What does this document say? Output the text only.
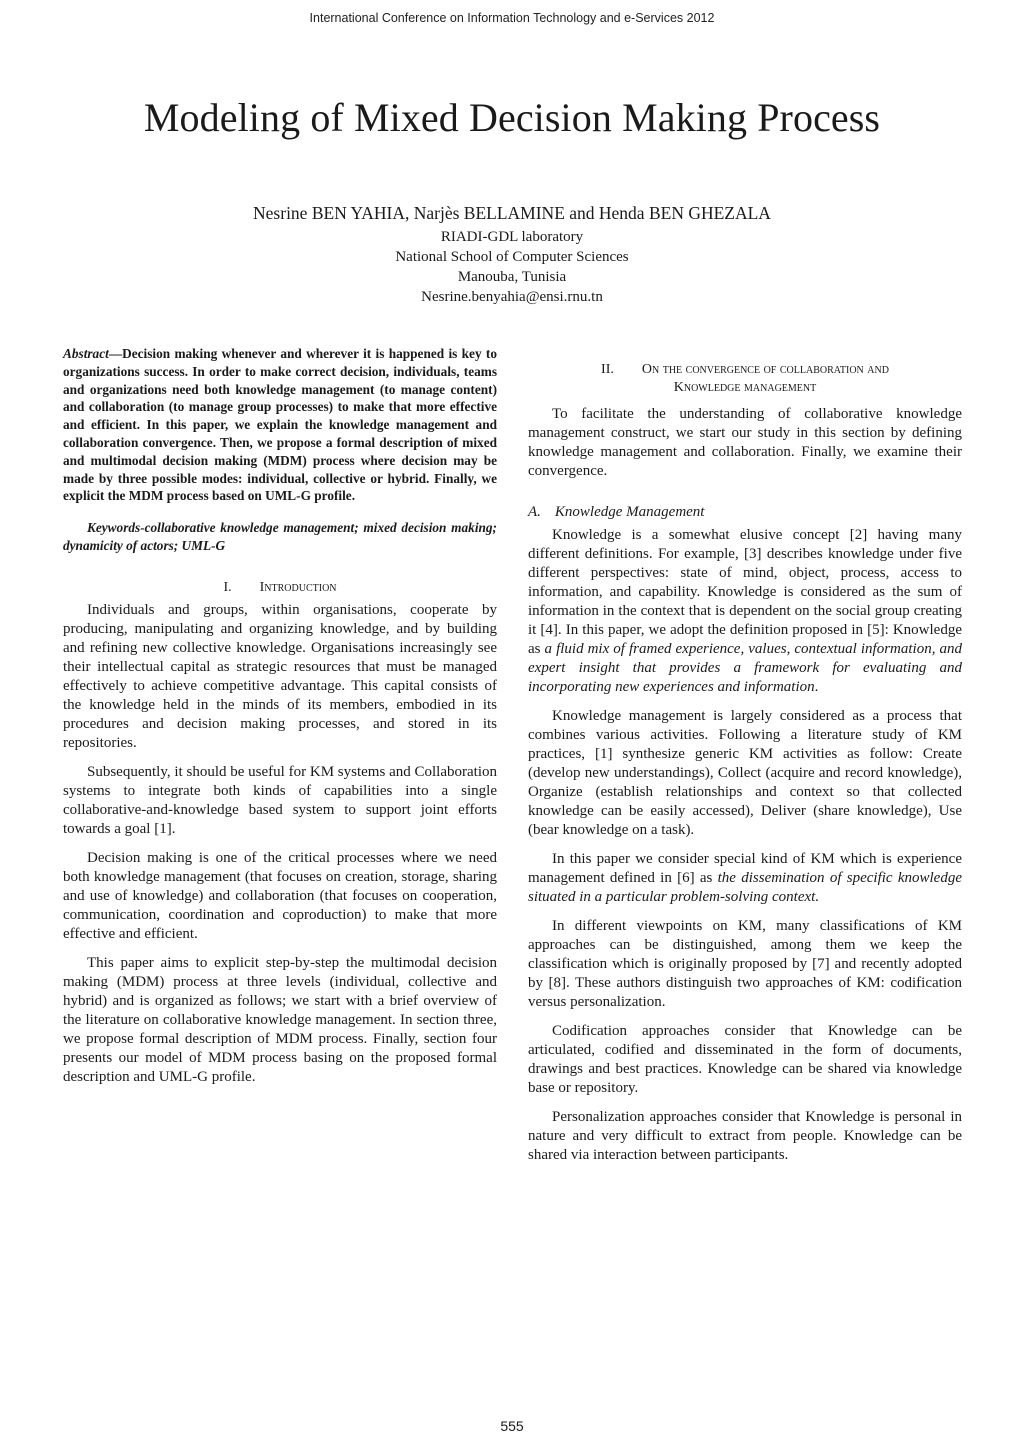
International Conference on Information Technology and e-Services 2012
Modeling of Mixed Decision Making Process
Nesrine BEN YAHIA, Narjès BELLAMINE and Henda BEN GHEZALA
RIADI-GDL laboratory
National School of Computer Sciences
Manouba, Tunisia
Nesrine.benyahia@ensi.rnu.tn

Abstract—Decision making whenever and wherever it is happened is key to organizations success. In order to make correct decision, individuals, teams and organizations need both knowledge management (to manage content) and collaboration (to manage group processes) to make that more effective and efficient. In this paper, we explain the knowledge management and collaboration convergence. Then, we propose a formal description of mixed and multimodal decision making (MDM) process where decision may be made by three possible modes: individual, collective or hybrid. Finally, we explicit the MDM process based on UML-G profile.

Keywords-collaborative knowledge management; mixed decision making; dynamicity of actors; UML-G

I. Introduction

Individuals and groups, within organisations, cooperate by producing, manipulating and organizing knowledge, and by building and refining new collective knowledge. Organisations increasingly see their intellectual capital as strategic resources that must be managed effectively to achieve competitive advantage. This capital consists of the knowledge held in the minds of its members, embodied in its procedures and decision making processes, and stored in its repositories.

Subsequently, it should be useful for KM systems and Collaboration systems to integrate both kinds of capabilities into a single collaborative-and-knowledge based system to support joint efforts towards a goal [1].

Decision making is one of the critical processes where we need both knowledge management (that focuses on creation, storage, sharing and use of knowledge) and collaboration (that focuses on cooperation, communication, coordination and coproduction) to make that more effective and efficient.

This paper aims to explicit step-by-step the multimodal decision making (MDM) process at three levels (individual, collective and hybrid) and is organized as follows; we start with a brief overview of the literature on collaborative knowledge management. In section three, we propose formal description of MDM process. Finally, section four presents our model of MDM process basing on the proposed formal description and UML-G profile.

II. On the convergence of collaboration and
Knowledge management

To facilitate the understanding of collaborative knowledge management construct, we start our study in this section by defining knowledge management and collaboration. Finally, we examine their convergence.

A. Knowledge Management

Knowledge is a somewhat elusive concept [2] having many different definitions. For example, [3] describes knowledge under five different perspectives: state of mind, object, process, access to information, and capability. Knowledge is considered as the sum of information in the context that is dependent on the social group creating it [4]. In this paper, we adopt the definition proposed in [5]: Knowledge as a fluid mix of framed experience, values, contextual information, and expert insight that provides a framework for evaluating and incorporating new experiences and information.

Knowledge management is largely considered as a process that combines various activities. Following a literature study of KM practices, [1] synthesize generic KM activities as follow: Create (develop new understandings), Collect (acquire and record knowledge), Organize (establish relationships and context so that collected knowledge can be easily accessed), Deliver (share knowledge), Use (bear knowledge on a task).

In this paper we consider special kind of KM which is experience management defined in [6] as the dissemination of specific knowledge situated in a particular problem-solving context.

In different viewpoints on KM, many classifications of KM approaches can be distinguished, among them we keep the classification which is originally proposed by [7] and recently adopted by [8]. These authors distinguish two approaches of KM: codification versus personalization.

Codification approaches consider that Knowledge can be articulated, codified and disseminated in the form of documents, drawings and best practices. Knowledge can be shared via knowledge base or repository.

Personalization approaches consider that Knowledge is personal in nature and very difficult to extract from people. Knowledge can be shared via interaction between participants.

555
